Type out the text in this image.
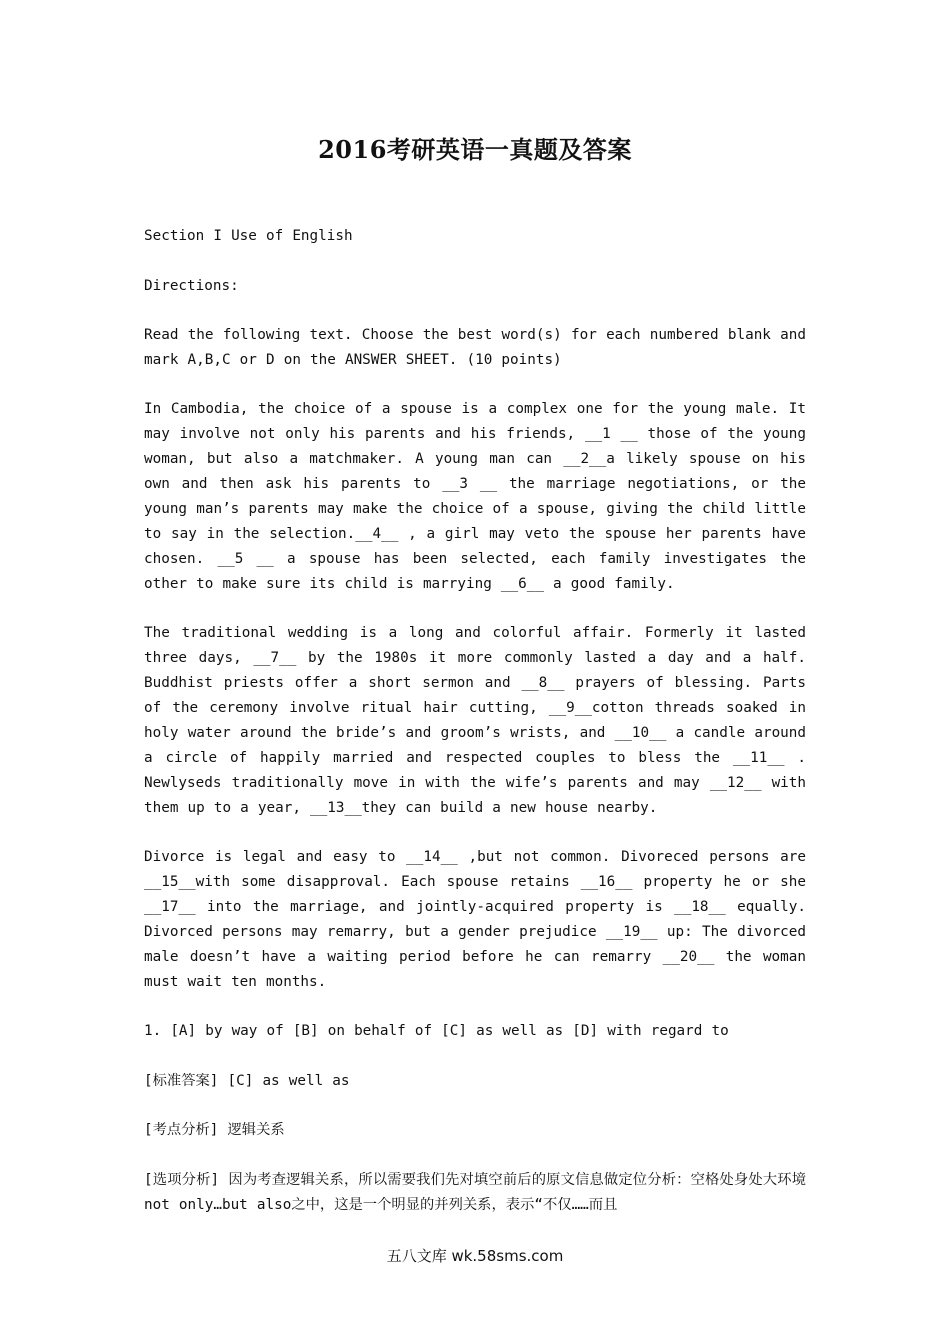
2016考研英语一真题及答案

Section I Use of English

Directions:

Read the following text. Choose the best word(s) for each numbered blank and mark A,B,C or D on the ANSWER SHEET. (10 points)

In Cambodia, the choice of a spouse is a complex one for the young male. It may involve not only his parents and his friends, __1 __ those of the young woman, but also a matchmaker. A young man can __2__a likely spouse on his own and then ask his parents to __3 __ the marriage negotiations, or the young man’s parents may make the choice of a spouse, giving the child little to say in the selection.__4__ , a girl may veto the spouse her parents have chosen. __5 __ a spouse has been selected, each family investigates the other to make sure its child is marrying __6__ a good family.

The traditional wedding is a long and colorful affair. Formerly it lasted three days, __7__ by the 1980s it more commonly lasted a day and a half. Buddhist priests offer a short sermon and __8__ prayers of blessing. Parts of the ceremony involve ritual hair cutting, __9__cotton threads soaked in holy water around the bride’s and groom’s wrists, and __10__ a candle around a circle of happily married and respected couples to bless the __11__ . Newlyseds traditionally move in with the wife’s parents and may __12__ with them up to a year, __13__they can build a new house nearby.

Divorce is legal and easy to __14__ ,but not common. Divoreced persons are __15__with some disapproval. Each spouse retains __16__ property he or she __17__ into the marriage, and jointly-acquired property is __18__ equally. Divorced persons may remarry, but a gender prejudice __19__ up: The divorced male doesn’t have a waiting period before he can remarry __20__ the woman must wait ten months.

1. [A] by way of [B] on behalf of [C] as well as [D] with regard to

[标准答案] [C] as well as

[考点分析] 逻辑关系

[选项分析] 因为考查逻辑关系，所以需要我们先对填空前后的原文信息做定位分析：空格处身处大环境not only…but also之中，这是一个明显的并列关系，表示“不仅……而且

五八文库 wk.58sms.com
